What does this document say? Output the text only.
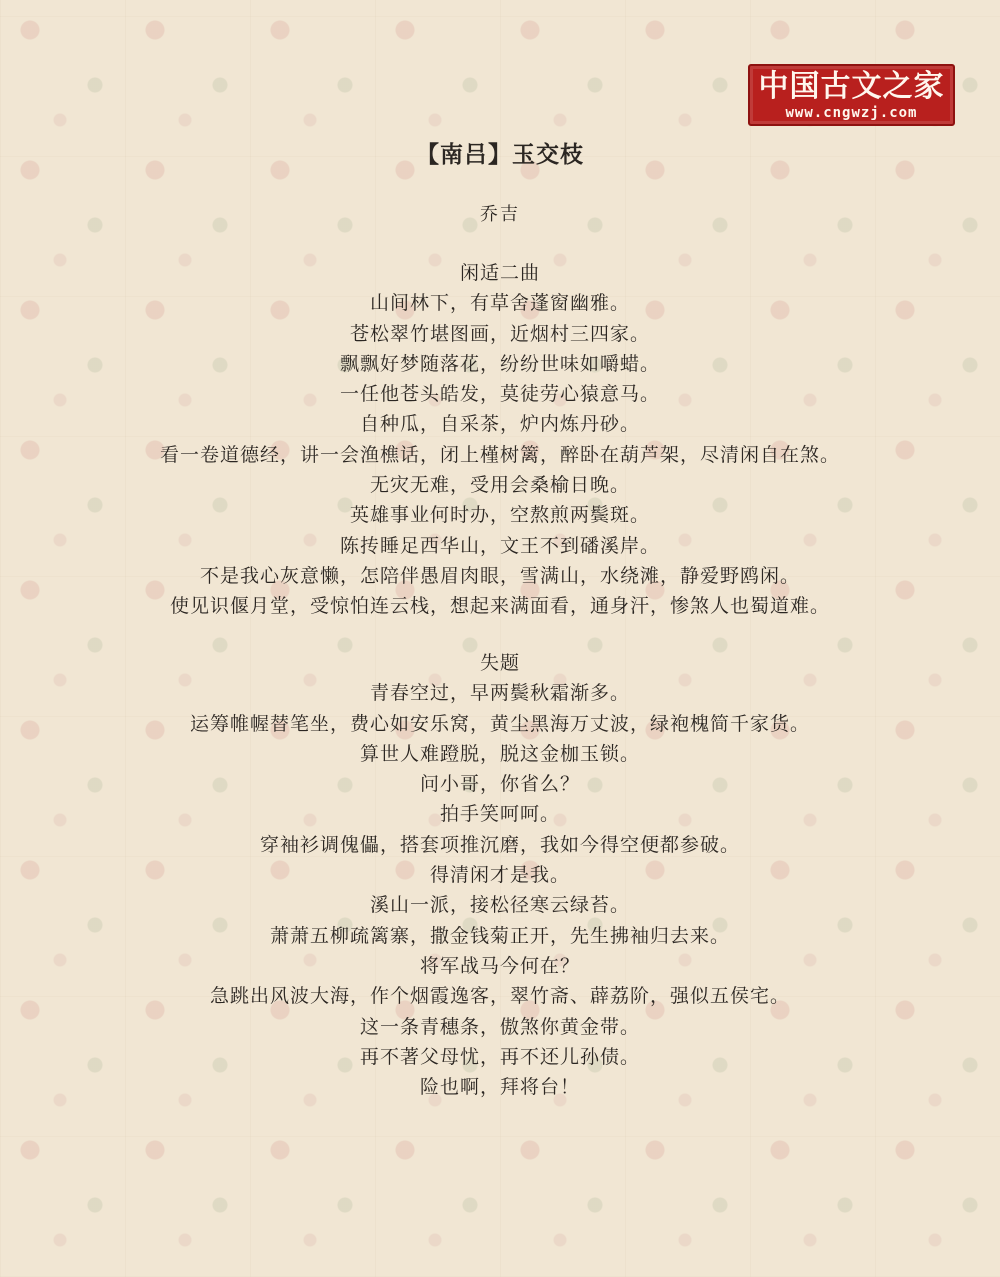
中国古文之家
www.cngwzj.com
【南吕】玉交枝
乔吉
闲适二曲
山间林下，有草舍蓬窗幽雅。
苍松翠竹堪图画，近烟村三四家。
飘飘好梦随落花，纷纷世味如嚼蜡。
一任他苍头皓发，莫徒劳心猿意马。
自种瓜，自采茶，炉内炼丹砂。
看一卷道德经，讲一会渔樵话，闭上槿树篱，醉卧在葫芦架，尽清闲自在煞。
无灾无难，受用会桑榆日晚。
英雄事业何时办，空熬煎两鬓斑。
陈抟睡足西华山，文王不到磻溪岸。
不是我心灰意懒，怎陪伴愚眉肉眼，雪满山，水绕滩，静爱野鸥闲。
使见识偃月堂，受惊怕连云栈，想起来满面看，通身汗，惨煞人也蜀道难。
失题
青春空过，早两鬓秋霜渐多。
运筹帷幄替笔坐，费心如安乐窝，黄尘黑海万丈波，绿袍槐简千家货。
算世人难蹬脱，脱这金枷玉锁。
问小哥，你省么？
拍手笑呵呵。
穿袖衫调傀儡，搭套项推沉磨，我如今得空便都参破。
得清闲才是我。
溪山一派，接松径寒云绿苔。
萧萧五柳疏篱寨，撒金钱菊正开，先生拂袖归去来。
将军战马今何在？
急跳出风波大海，作个烟霞逸客，翠竹斋、薜荔阶，强似五侯宅。
这一条青穗条，傲煞你黄金带。
再不著父母忧，再不还儿孙债。
险也啊，拜将台！
